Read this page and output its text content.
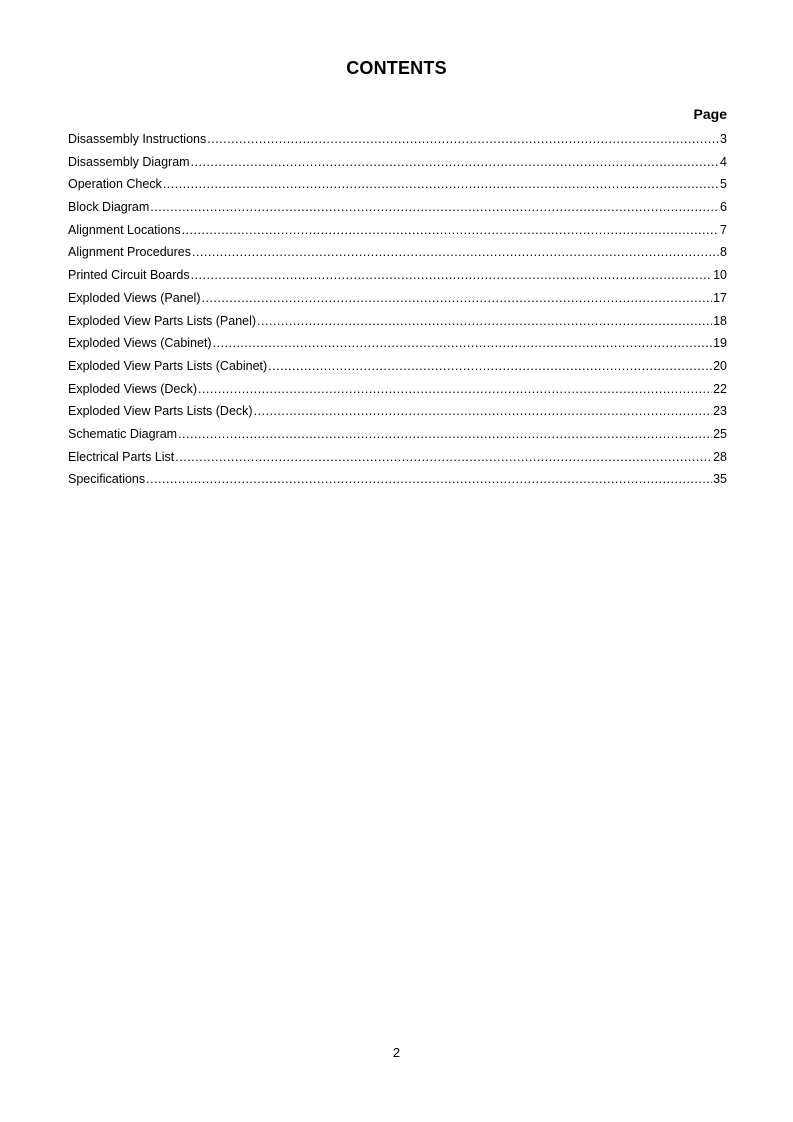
CONTENTS
Page
Disassembly Instructions .....	3
Disassembly Diagram .....	4
Operation Check .....	5
Block Diagram .....	6
Alignment Locations .....	7
Alignment Procedures .....	8
Printed Circuit Boards .....	10
Exploded Views (Panel) .....	17
Exploded View Parts Lists (Panel) .....	18
Exploded Views (Cabinet) .....	19
Exploded View Parts Lists (Cabinet) .....	20
Exploded Views (Deck) .....	22
Exploded View Parts Lists (Deck) .....	23
Schematic Diagram .....	25
Electrical Parts List .....	28
Specifications .....	35
2
